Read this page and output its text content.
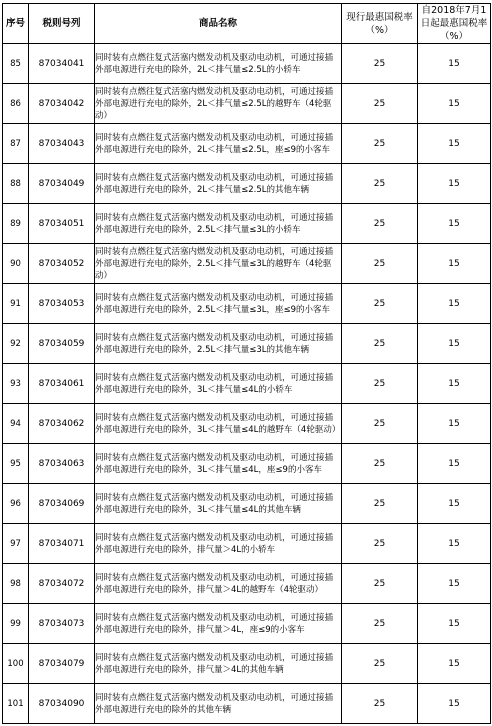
序号	税则号列	商品名称	现行最惠国税率（%）	自2018年7月1日起最惠国税率（%）
85	87034041	同时装有点燃往复式活塞内燃发动机及驱动电动机，可通过接插外部电源进行充电的除外，2L＜排气量≤2.5L的小轿车	25	15
86	87034042	同时装有点燃往复式活塞内燃发动机及驱动电动机，可通过接插外部电源进行充电的除外，2L＜排气量≤2.5L的越野车（4轮驱动）	25	15
87	87034043	同时装有点燃往复式活塞内燃发动机及驱动电动机，可通过接插外部电源进行充电的除外，2L＜排气量≤2.5L，座≤9的小客车	25	15
88	87034049	同时装有点燃往复式活塞内燃发动机及驱动电动机，可通过接插外部电源进行充电的除外，2L＜排气量≤2.5L的其他车辆	25	15
89	87034051	同时装有点燃往复式活塞内燃发动机及驱动电动机，可通过接插外部电源进行充电的除外，2.5L＜排气量≤3L的小轿车	25	15
90	87034052	同时装有点燃往复式活塞内燃发动机及驱动电动机，可通过接插外部电源进行充电的除外，2.5L＜排气量≤3L的越野车（4轮驱动）	25	15
91	87034053	同时装有点燃往复式活塞内燃发动机及驱动电动机，可通过接插外部电源进行充电的除外，2.5L＜排气量≤3L，座≤9的小客车	25	15
92	87034059	同时装有点燃往复式活塞内燃发动机及驱动电动机，可通过接插外部电源进行充电的除外，2.5L＜排气量≤3L的其他车辆	25	15
93	87034061	同时装有点燃往复式活塞内燃发动机及驱动电动机，可通过接插外部电源进行充电的除外，3L＜排气量≤4L的小轿车	25	15
94	87034062	同时装有点燃往复式活塞内燃发动机及驱动电动机，可通过接插外部电源进行充电的除外，3L＜排气量≤4L的越野车（4轮驱动）	25	15
95	87034063	同时装有点燃往复式活塞内燃发动机及驱动电动机，可通过接插外部电源进行充电的除外，3L＜排气量≤4L，座≤9的小客车	25	15
96	87034069	同时装有点燃往复式活塞内燃发动机及驱动电动机，可通过接插外部电源进行充电的除外，3L＜排气量≤4L的其他车辆	25	15
97	87034071	同时装有点燃往复式活塞内燃发动机及驱动电动机，可通过接插外部电源进行充电的除外，排气量＞4L的小轿车	25	15
98	87034072	同时装有点燃往复式活塞内燃发动机及驱动电动机，可通过接插外部电源进行充电的除外，排气量＞4L的越野车（4轮驱动）	25	15
99	87034073	同时装有点燃往复式活塞内燃发动机及驱动电动机，可通过接插外部电源进行充电的除外，排气量＞4L，座≤9的小客车	25	15
100	87034079	同时装有点燃往复式活塞内燃发动机及驱动电动机，可通过接插外部电源进行充电的除外，排气量＞4L的其他车辆	25	15
101	87034090	同时装有点燃往复式活塞内燃发动机及驱动电动机，可通过接插外部电源进行充电的除外的其他车辆	25	15
